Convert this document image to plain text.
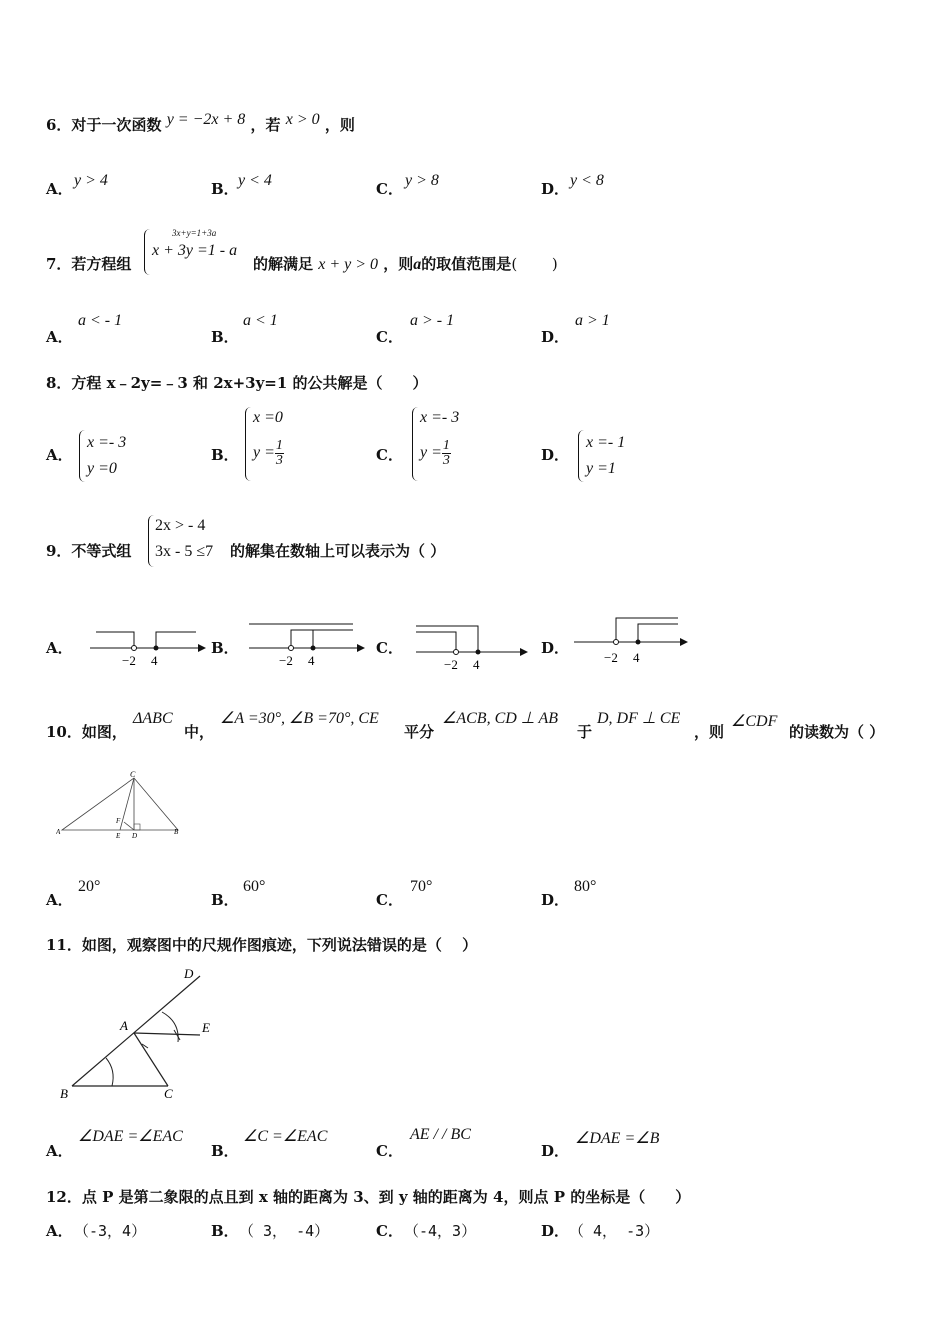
6．对于一次函数 y = −2x + 8 ，若 x > 0 ，则
A． y > 4	B． y < 4	C． y > 8	D． y < 8
7．若方程组
3x+y=1+3a
x + 3y =1 - a
的解满足 x + y > 0 ，则a的取值范围是(　　 )
A．
a < - 1
B．
a < 1
C．
a > - 1
D．
a > 1
8．方程 x﹣2y=﹣3 和 2x+3y=1 的公共解是（　　）
A．
x =- 3
y =0
B．
x =0
$y = \frac{1}{3}$	C．
x =- 3
$y = \frac{1}{3}$	D．
x =- 1
y =1
9．不等式组
2x > - 4
3x - 5 ≤7 的解集在数轴上可以表示为（ ）
A．
−2 4
B．
−2 4
C．
−2 4
D．
−2 4
10．如图，
ΔABC
中，
∠A =30°, ∠B =70°, CE
平分
∠ACB, CD ⊥ AB
于
D, DF ⊥ CE
，则
∠CDF
的读数为（ ）
C
F
A	E D	B
A．
20°
B．
60°
C．
70°
D．
80°
11．如图，观察图中的尺规作图痕迹，下列说法错误的是（　 ）
D
A	E
B	C
A．
∠DAE =∠EAC
B．
∠C =∠EAC
C．
AE / / BC
D．
∠DAE =∠B
12．点 P 是第二象限的点且到 x 轴的距离为 3、到 y 轴的距离为 4，则点 P 的坐标是（　　）
A． （-3，4）	B． （ 3， -4）	C． （-4，3）	D． （ 4， -3）
